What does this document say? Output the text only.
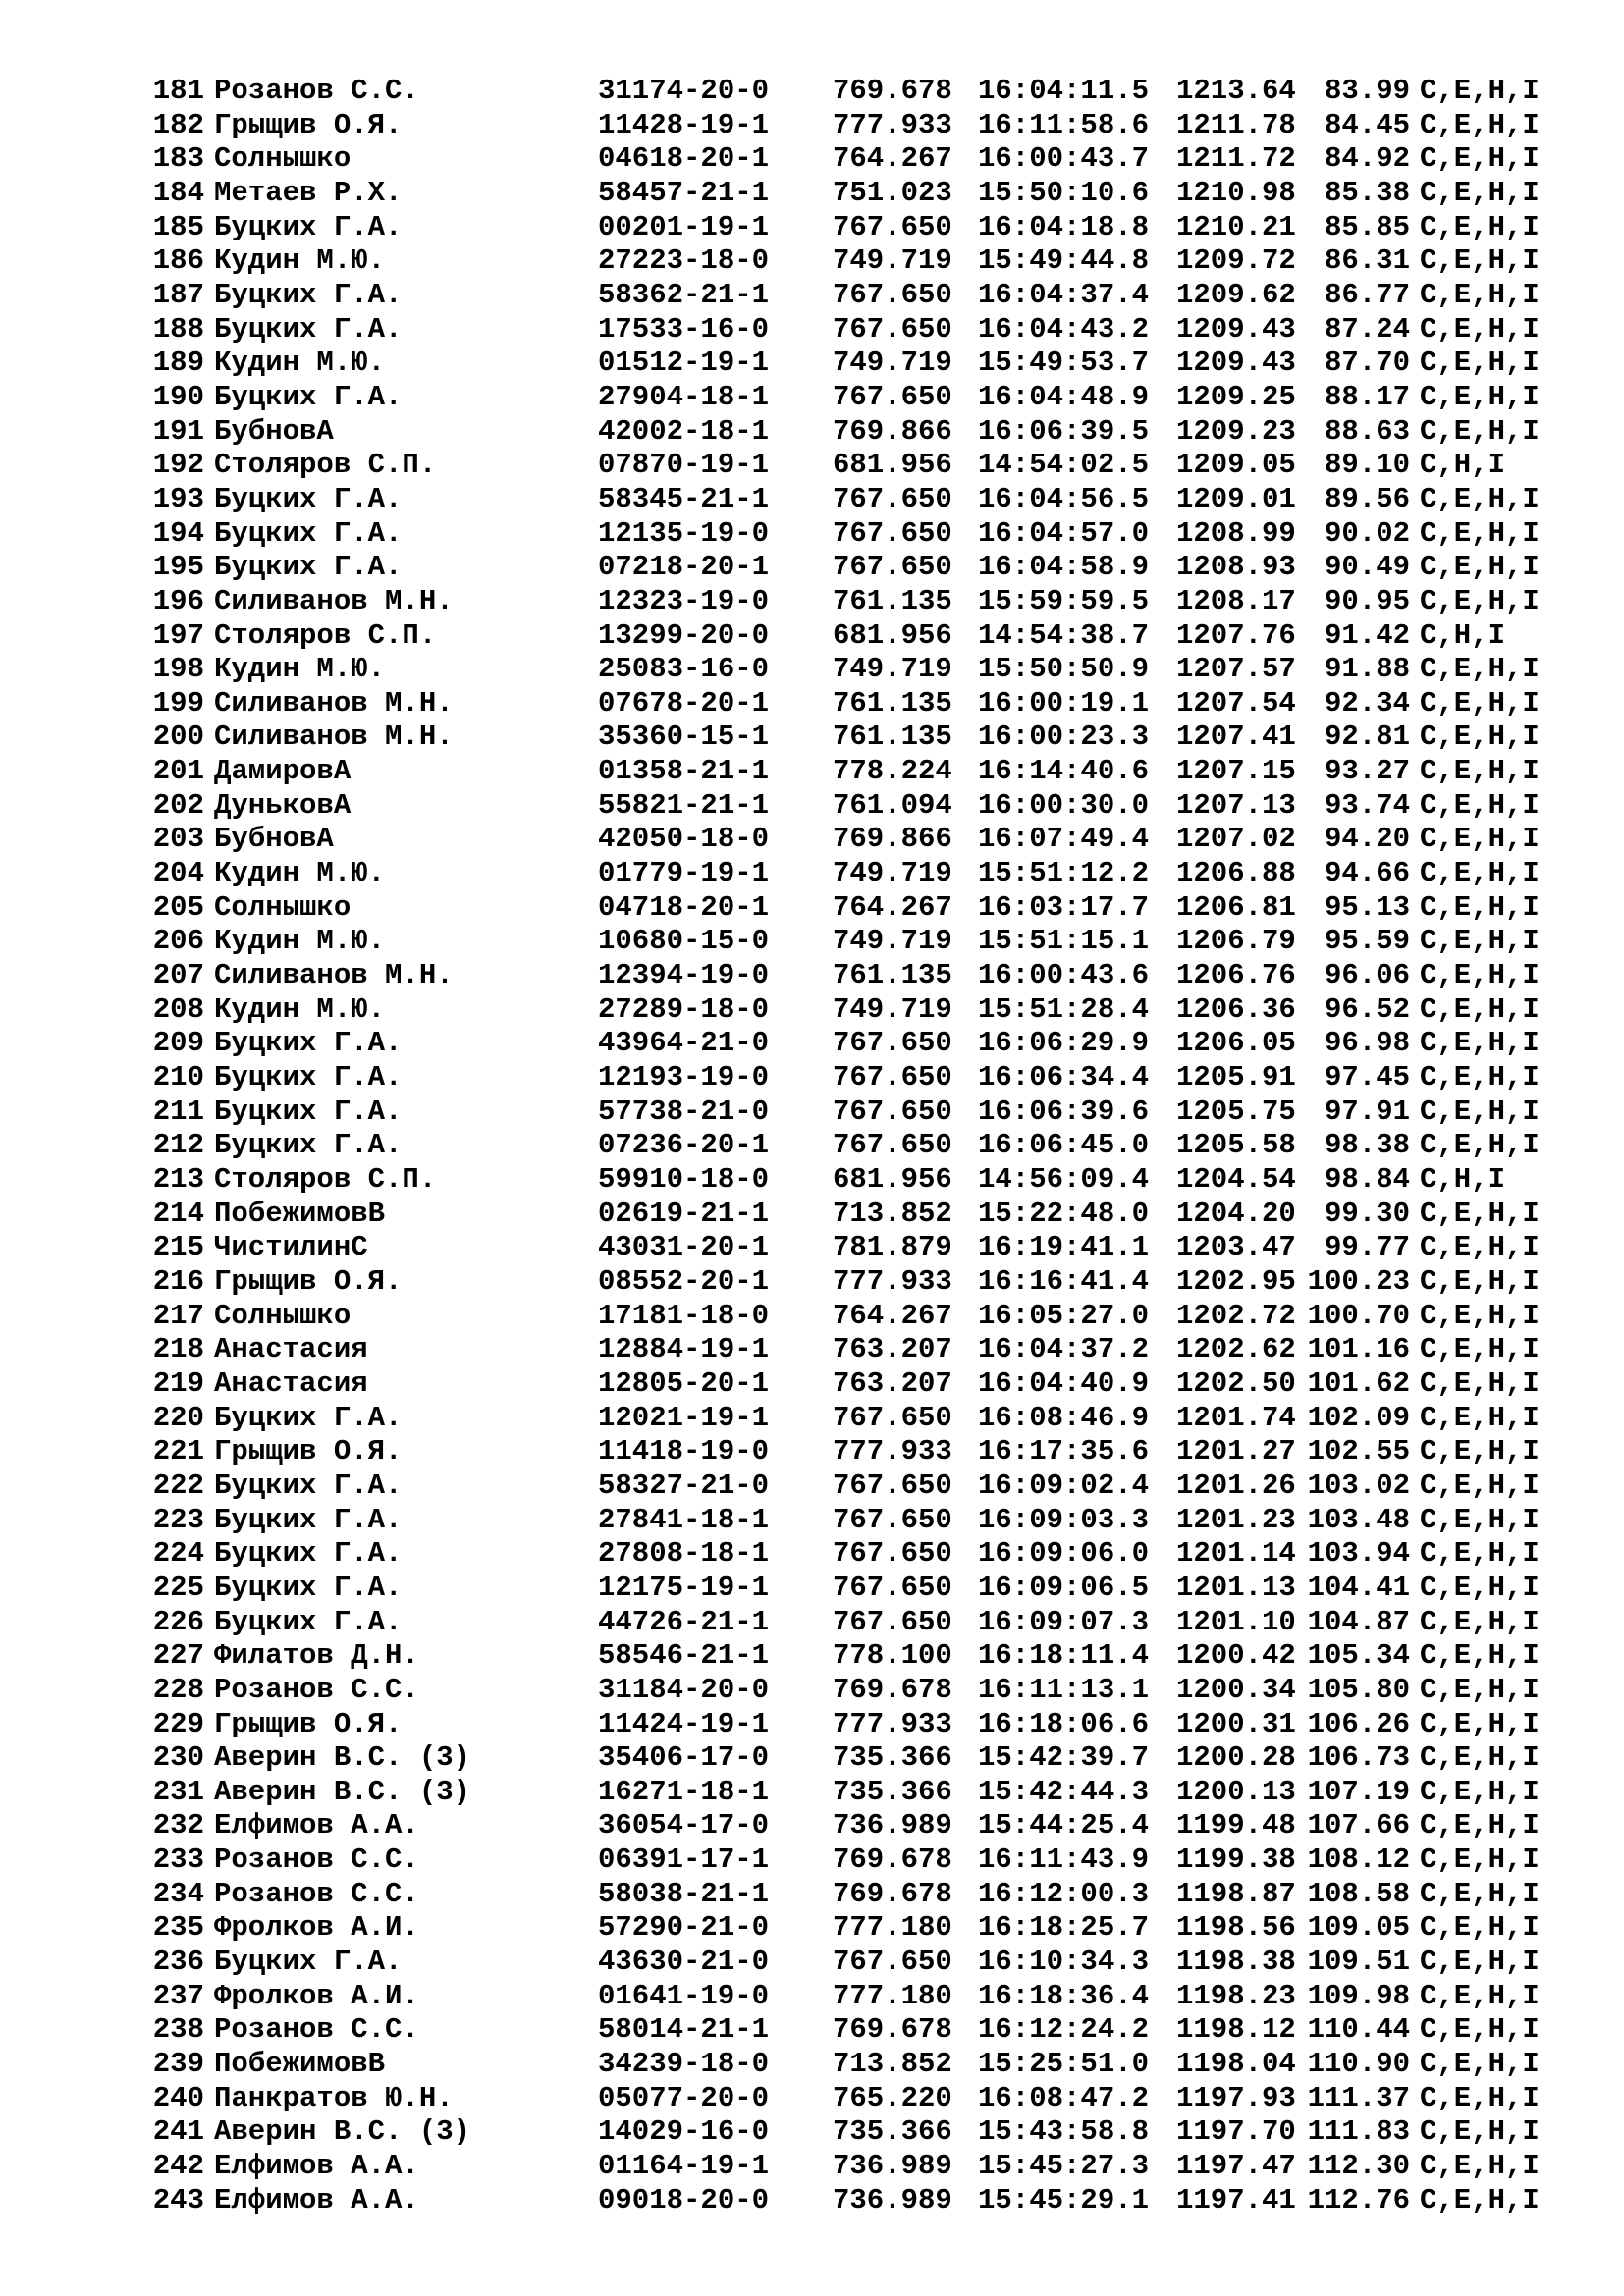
181 Розанов С.С.	31174-20-0 769.678 16:04:11.5 1213.64	83.99 C,E,H,I
182 Грыщив О.Я.	11428-19-1 777.933 16:11:58.6 1211.78	84.45 C,E,H,I
183 Солнышко	04618-20-1 764.267 16:00:43.7 1211.72	84.92 C,E,H,I
184 Метаев Р.Х.	58457-21-1 751.023 15:50:10.6 1210.98	85.38 C,E,H,I
185 Буцких Г.А.	00201-19-1 767.650 16:04:18.8 1210.21	85.85 C,E,H,I
186 Кудин М.Ю.	27223-18-0 749.719 15:49:44.8 1209.72	86.31 C,E,H,I
187 Буцких Г.А.	58362-21-1 767.650 16:04:37.4 1209.62	86.77 C,E,H,I
188 Буцких Г.А.	17533-16-0 767.650 16:04:43.2 1209.43	87.24 C,E,H,I
189 Кудин М.Ю.	01512-19-1 749.719 15:49:53.7 1209.43	87.70 C,E,H,I
190 Буцких Г.А.	27904-18-1 767.650 16:04:48.9 1209.25	88.17 C,E,H,I
191 БубновА	42002-18-1 769.866 16:06:39.5 1209.23	88.63 C,E,H,I
192 Столяров С.П.	07870-19-1 681.956 14:54:02.5 1209.05	89.10 C,H,I
193 Буцких Г.А.	58345-21-1 767.650 16:04:56.5 1209.01	89.56 C,E,H,I
194 Буцких Г.А.	12135-19-0 767.650 16:04:57.0 1208.99	90.02 C,E,H,I
195 Буцких Г.А.	07218-20-1 767.650 16:04:58.9 1208.93	90.49 C,E,H,I
196 Силиванов М.Н.	12323-19-0 761.135 15:59:59.5 1208.17	90.95 C,E,H,I
197 Столяров С.П.	13299-20-0 681.956 14:54:38.7 1207.76	91.42 C,H,I
198 Кудин М.Ю.	25083-16-0 749.719 15:50:50.9 1207.57	91.88 C,E,H,I
199 Силиванов М.Н.	07678-20-1 761.135 16:00:19.1 1207.54	92.34 C,E,H,I
200 Силиванов М.Н.	35360-15-1 761.135 16:00:23.3 1207.41	92.81 C,E,H,I
201 ДамировА	01358-21-1 778.224 16:14:40.6 1207.15	93.27 C,E,H,I
202 ДуньковА	55821-21-1 761.094 16:00:30.0 1207.13	93.74 C,E,H,I
203 БубновА	42050-18-0 769.866 16:07:49.4 1207.02	94.20 C,E,H,I
204 Кудин М.Ю.	01779-19-1 749.719 15:51:12.2 1206.88	94.66 C,E,H,I
205 Солнышко	04718-20-1 764.267 16:03:17.7 1206.81	95.13 C,E,H,I
206 Кудин М.Ю.	10680-15-0 749.719 15:51:15.1 1206.79	95.59 C,E,H,I
207 Силиванов М.Н.	12394-19-0 761.135 16:00:43.6 1206.76	96.06 C,E,H,I
208 Кудин М.Ю.	27289-18-0 749.719 15:51:28.4 1206.36	96.52 C,E,H,I
209 Буцких Г.А.	43964-21-0 767.650 16:06:29.9 1206.05	96.98 C,E,H,I
210 Буцких Г.А.	12193-19-0 767.650 16:06:34.4 1205.91	97.45 C,E,H,I
211 Буцких Г.А.	57738-21-0 767.650 16:06:39.6 1205.75	97.91 C,E,H,I
212 Буцких Г.А.	07236-20-1 767.650 16:06:45.0 1205.58	98.38 C,E,H,I
213 Столяров С.П.	59910-18-0 681.956 14:56:09.4 1204.54	98.84 C,H,I
214 ПобежимовВ	02619-21-1 713.852 15:22:48.0 1204.20	99.30 C,E,H,I
215 ЧистилинС	43031-20-1 781.879 16:19:41.1 1203.47	99.77 C,E,H,I
216 Грыщив О.Я.	08552-20-1 777.933 16:16:41.4 1202.95 100.23 C,E,H,I
217 Солнышко	17181-18-0 764.267 16:05:27.0 1202.72 100.70 C,E,H,I
218 Анастасия	12884-19-1 763.207 16:04:37.2 1202.62 101.16 C,E,H,I
219 Анастасия	12805-20-1 763.207 16:04:40.9 1202.50 101.62 C,E,H,I
220 Буцких Г.А.	12021-19-1 767.650 16:08:46.9 1201.74 102.09 C,E,H,I
221 Грыщив О.Я.	11418-19-0 777.933 16:17:35.6 1201.27 102.55 C,E,H,I
222 Буцких Г.А.	58327-21-0 767.650 16:09:02.4 1201.26 103.02 C,E,H,I
223 Буцких Г.А.	27841-18-1 767.650 16:09:03.3 1201.23 103.48 C,E,H,I
224 Буцких Г.А.	27808-18-1 767.650 16:09:06.0 1201.14 103.94 C,E,H,I
225 Буцких Г.А.	12175-19-1 767.650 16:09:06.5 1201.13 104.41 C,E,H,I
226 Буцких Г.А.	44726-21-1 767.650 16:09:07.3 1201.10 104.87 C,E,H,I
227 Филатов Д.Н.	58546-21-1 778.100 16:18:11.4 1200.42 105.34 C,E,H,I
228 Розанов С.С.	31184-20-0 769.678 16:11:13.1 1200.34 105.80 C,E,H,I
229 Грыщив О.Я.	11424-19-1 777.933 16:18:06.6 1200.31 106.26 C,E,H,I
230 Аверин В.С. (3)	35406-17-0 735.366 15:42:39.7 1200.28 106.73 C,E,H,I
231 Аверин В.С. (3)	16271-18-1 735.366 15:42:44.3 1200.13 107.19 C,E,H,I
232 Елфимов А.А.	36054-17-0 736.989 15:44:25.4 1199.48 107.66 C,E,H,I
233 Розанов С.С.	06391-17-1 769.678 16:11:43.9 1199.38 108.12 C,E,H,I
234 Розанов С.С.	58038-21-1 769.678 16:12:00.3 1198.87 108.58 C,E,H,I
235 Фролков А.И.	57290-21-0 777.180 16:18:25.7 1198.56 109.05 C,E,H,I
236 Буцких Г.А.	43630-21-0 767.650 16:10:34.3 1198.38 109.51 C,E,H,I
237 Фролков А.И.	01641-19-0 777.180 16:18:36.4 1198.23 109.98 C,E,H,I
238 Розанов С.С.	58014-21-1 769.678 16:12:24.2 1198.12 110.44 C,E,H,I
239 ПобежимовВ	34239-18-0 713.852 15:25:51.0 1198.04 110.90 C,E,H,I
240 Панкратов Ю.Н.	05077-20-0 765.220 16:08:47.2 1197.93 111.37 C,E,H,I
241 Аверин В.С. (3)	14029-16-0 735.366 15:43:58.8 1197.70 111.83 C,E,H,I
242 Елфимов А.А.	01164-19-1 736.989 15:45:27.3 1197.47 112.30 C,E,H,I
243 Елфимов А.А.	09018-20-0 736.989 15:45:29.1 1197.41 112.76 C,E,H,I
